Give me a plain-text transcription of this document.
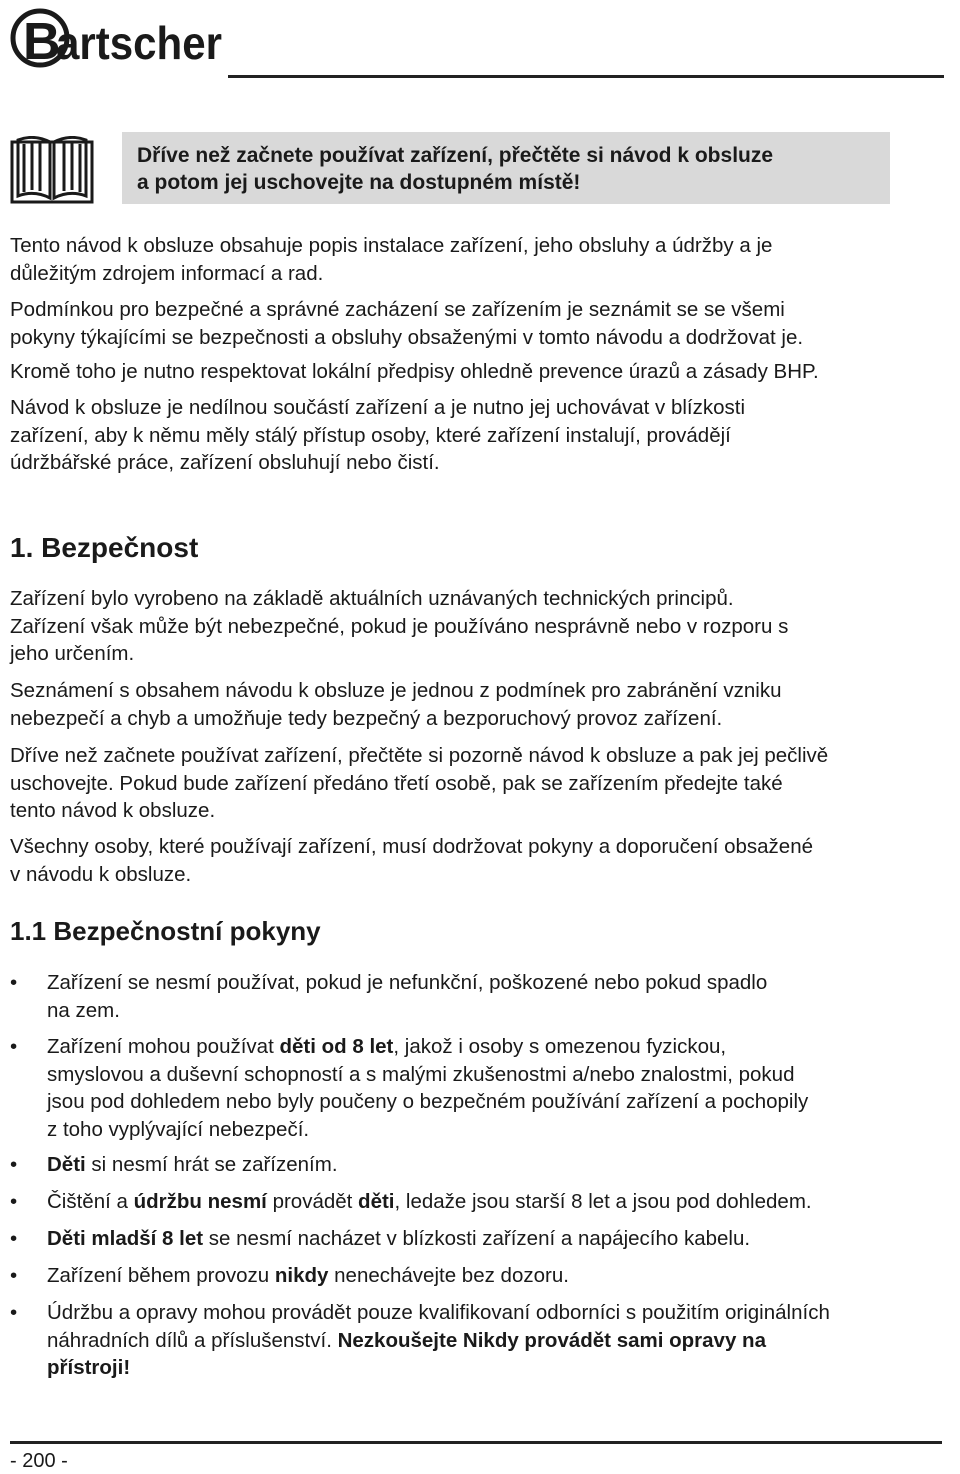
B
artscher
Dříve než začnete používat zařízení, přečtěte si návod k obsluze
a potom jej uschovejte na dostupném místě!
Tento návod k obsluze obsahuje popis instalace zařízení, jeho obsluhy a údržby a je
důležitým zdrojem informací a rad.
Podmínkou pro bezpečné a správné zacházení se zařízením je seznámit se se všemi
pokyny týkajícími se bezpečnosti a obsluhy obsaženými v tomto návodu a dodržovat je.
Kromě toho je nutno respektovat lokální předpisy ohledně prevence úrazů a zásady BHP.
Návod k obsluze je nedílnou součástí zařízení a je nutno jej uchovávat v blízkosti
zařízení, aby k němu měly stálý přístup osoby, které zařízení instalují, provádějí
údržbářské práce, zařízení obsluhují nebo čistí.
1. Bezpečnost
Zařízení bylo vyrobeno na základě aktuálních uznávaných technických principů.
Zařízení však může být nebezpečné, pokud je používáno nesprávně nebo v rozporu s
jeho určením.
Seznámení s obsahem návodu k obsluze je jednou z podmínek pro zabránění vzniku
nebezpečí a chyb a umožňuje tedy bezpečný a bezporuchový provoz zařízení.
Dříve než začnete používat zařízení, přečtěte si pozorně návod k obsluze a pak jej pečlivě
uschovejte. Pokud bude zařízení předáno třetí osobě, pak se zařízením předejte také
tento návod k obsluze.
Všechny osoby, které používají zařízení, musí dodržovat pokyny a doporučení obsažené
v návodu k obsluze.
1.1 Bezpečnostní pokyny
•	Zařízení se nesmí používat, pokud je nefunkční, poškozené nebo pokud spadlo
na zem.
•	Zařízení mohou používat děti od 8 let, jakož i osoby s omezenou fyzickou,
smyslovou a duševní schopností a s malými zkušenostmi a/nebo znalostmi, pokud
jsou pod dohledem nebo byly poučeny o bezpečném používání zařízení a pochopily
z toho vyplývající nebezpečí.
•	Děti si nesmí hrát se zařízením.
•	Čištění a údržbu nesmí provádět děti, ledaže jsou starší 8 let a jsou pod dohledem.
•	Děti mladší 8 let se nesmí nacházet v blízkosti zařízení a napájecího kabelu.
•	Zařízení během provozu nikdy nenechávejte bez dozoru.
•	Údržbu a opravy mohou provádět pouze kvalifikovaní odborníci s použitím originálních
náhradních dílů a příslušenství. Nezkoušejte Nikdy provádět sami opravy na
přístroji!
- 200 -
